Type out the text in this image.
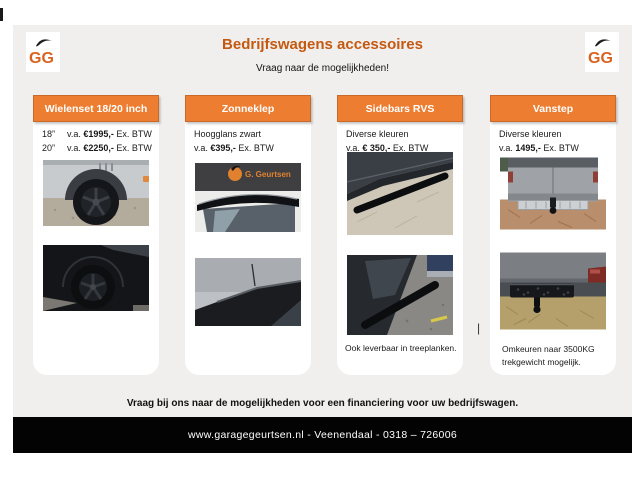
GG	GG
Bedrijfswagens accessoires
Vraag naar de mogelijkheden!
Wielenset 18/20 inch
18”	v.a.
€1995,-
Ex. BTW
20”	v.a.
€2250,-
Ex. BTW
Zonneklep
Hoogglans zwart
v.a.
€395,-
Ex. BTW
G. Geurtsen
Sidebars RVS
Diverse kleuren
v.a.
€ 350,-
Ex. BTW
Ook leverbaar in treeplanken.
Vanstep
Diverse kleuren
v.a.
1495,-
Ex. BTW
Omkeuren naar 3500KG trekgewicht mogelijk.
|
Vraag bij ons naar de mogelijkheden voor een financiering voor uw bedrijfswagen.
www.garagegeurtsen.nl - Veenendaal - 0318 – 726006
